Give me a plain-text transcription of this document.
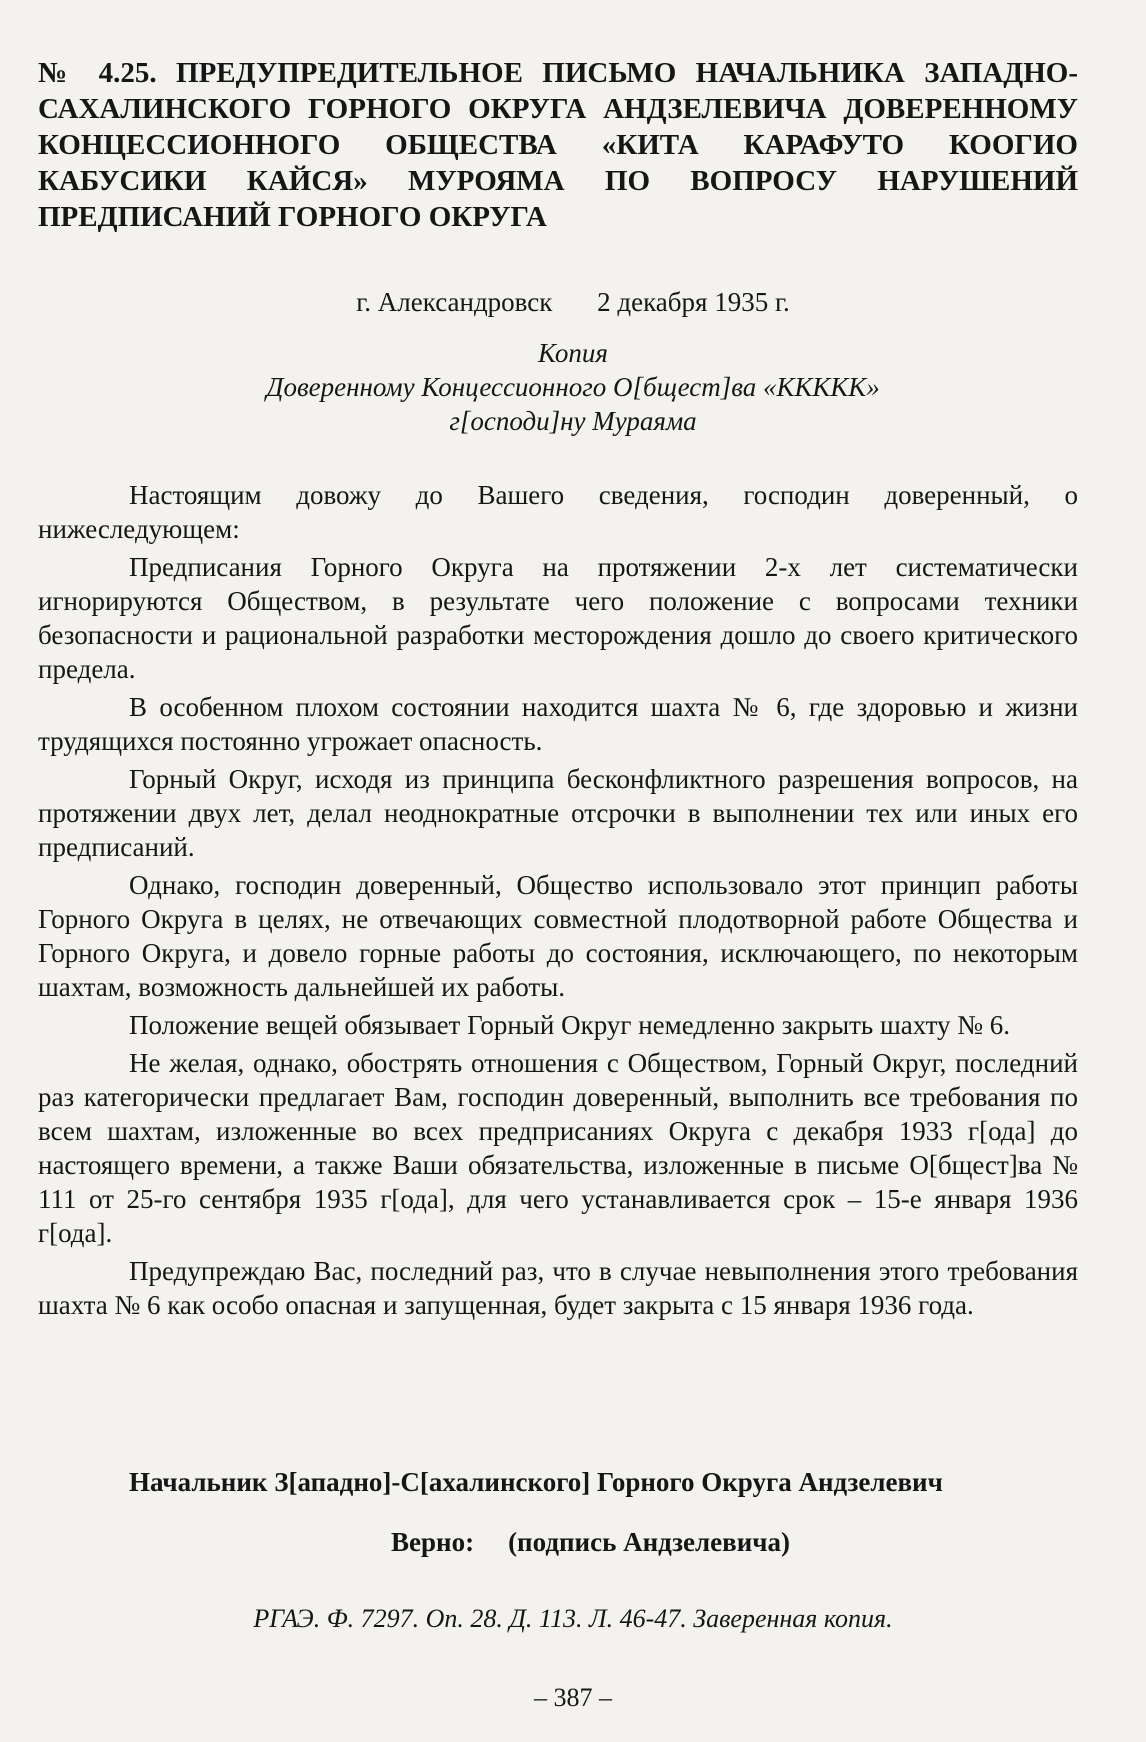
№ 4.25. ПРЕДУПРЕДИТЕЛЬНОЕ ПИСЬМО НАЧАЛЬНИКА ЗАПАДНО-САХАЛИНСКОГО ГОРНОГО ОКРУГА АНДЗЕЛЕВИЧА ДОВЕРЕННОМУ КОНЦЕССИОННОГО ОБЩЕСТВА «КИТА КАРАФУТО КООГИО КАБУСИКИ КАЙСЯ» МУРОЯМА ПО ВОПРОСУ НАРУШЕНИЙ ПРЕДПИСАНИЙ ГОРНОГО ОКРУГА
г. Александровск 2 декабря 1935 г.
Копия
Доверенному Концессионного О[бщест]ва «ККККК»
г[осподи]ну Мураяма

Настоящим довожу до Вашего сведения, господин доверенный, о нижеследующем:

Предписания Горного Округа на протяжении 2-х лет систематически игнорируются Обществом, в результате чего положение с вопросами техники безопасности и рациональной разработки месторождения дошло до своего критического предела.

В особенном плохом состоянии находится шахта № 6, где здоровью и жизни трудящихся постоянно угрожает опасность.

Горный Округ, исходя из принципа бесконфликтного разрешения вопросов, на протяжении двух лет, делал неоднократные отсрочки в выполнении тех или иных его предписаний.

Однако, господин доверенный, Общество использовало этот принцип работы Горного Округа в целях, не отвечающих совместной плодотворной работе Общества и Горного Округа, и довело горные работы до состояния, исключающего, по некоторым шахтам, возможность дальнейшей их работы.

Положение вещей обязывает Горный Округ немедленно закрыть шахту № 6.

Не желая, однако, обострять отношения с Обществом, Горный Округ, последний раз категорически предлагает Вам, господин доверенный, выполнить все требования по всем шахтам, изложенные во всех предприсаниях Округа с декабря 1933 г[ода] до настоящего времени, а также Ваши обязательства, изложенные в письме О[бщест]ва № 111 от 25-го сентября 1935 г[ода], для чего устанавливается срок – 15-е января 1936 г[ода].

Предупреждаю Вас, последний раз, что в случае невыполнения этого требования шахта № 6 как особо опасная и запущенная, будет закрыта с 15 января 1936 года.

Начальник З[ападно]-С[ахалинского] Горного Округа Андзелевич
Верно: (подпись Андзелевича)
РГАЭ. Ф. 7297. Оп. 28. Д. 113. Л. 46-47. Заверенная копия.
– 387 –
